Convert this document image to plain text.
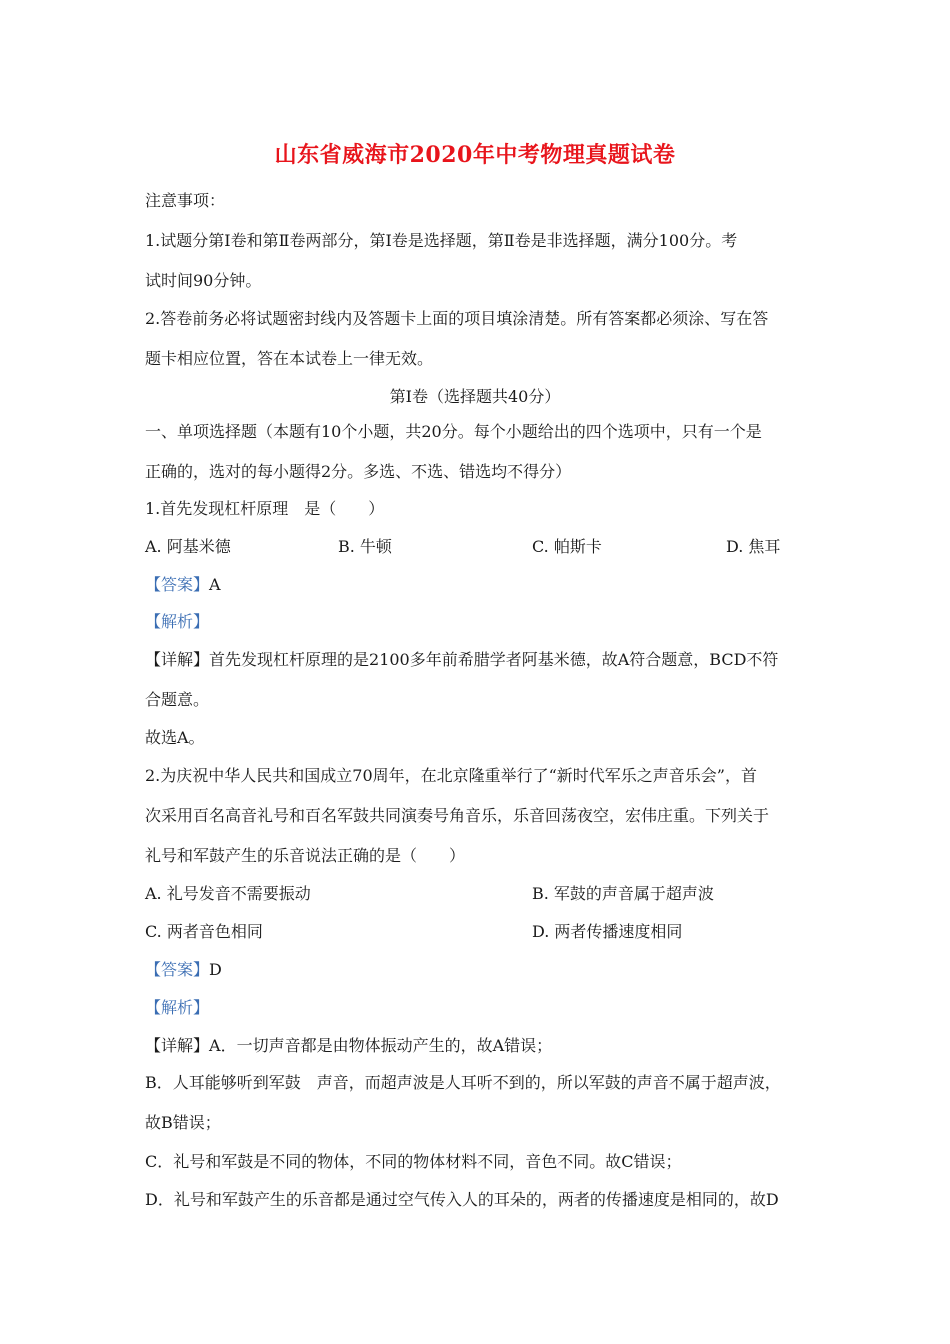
山东省威海市2020年中考物理真题试卷
注意事项：
1.试题分第Ⅰ卷和第Ⅱ卷两部分，第Ⅰ卷是选择题，第Ⅱ卷是非选择题，满分100分。考
试时间90分钟。
2.答卷前务必将试题密封线内及答题卡上面的项目填涂清楚。所有答案都必须涂、写在答
题卡相应位置，答在本试卷上一律无效。
第Ⅰ卷（选择题共40分）
一、单项选择题（本题有10个小题，共20分。每个小题给出的四个选项中，只有一个是
正确的，选对的每小题得2分。多选、不选、错选均不得分）
1.首先发现杠杆原理　是（　　）
A. 阿基米德	B. 牛顿	C. 帕斯卡	D. 焦耳
【答案】A
【解析】
【详解】首先发现杠杆原理的是2100多年前希腊学者阿基米德，故A符合题意，BCD不符
合题意。
故选A。
2.为庆祝中华人民共和国成立70周年，在北京隆重举行了“新时代军乐之声音乐会”，首
次采用百名高音礼号和百名军鼓共同演奏号角音乐，乐音回荡夜空，宏伟庄重。下列关于
礼号和军鼓产生的乐音说法正确的是（　　）
A. 礼号发音不需要振动	B. 军鼓的声音属于超声波
C. 两者音色相同	D. 两者传播速度相同
【答案】D
【解析】
【详解】A．一切声音都是由物体振动产生的，故A错误；
B．人耳能够听到军鼓　声音，而超声波是人耳听不到的，所以军鼓的声音不属于超声波，
故B错误；
C．礼号和军鼓是不同的物体，不同的物体材料不同，音色不同。故C错误；
D．礼号和军鼓产生的乐音都是通过空气传入人的耳朵的，两者的传播速度是相同的，故D
